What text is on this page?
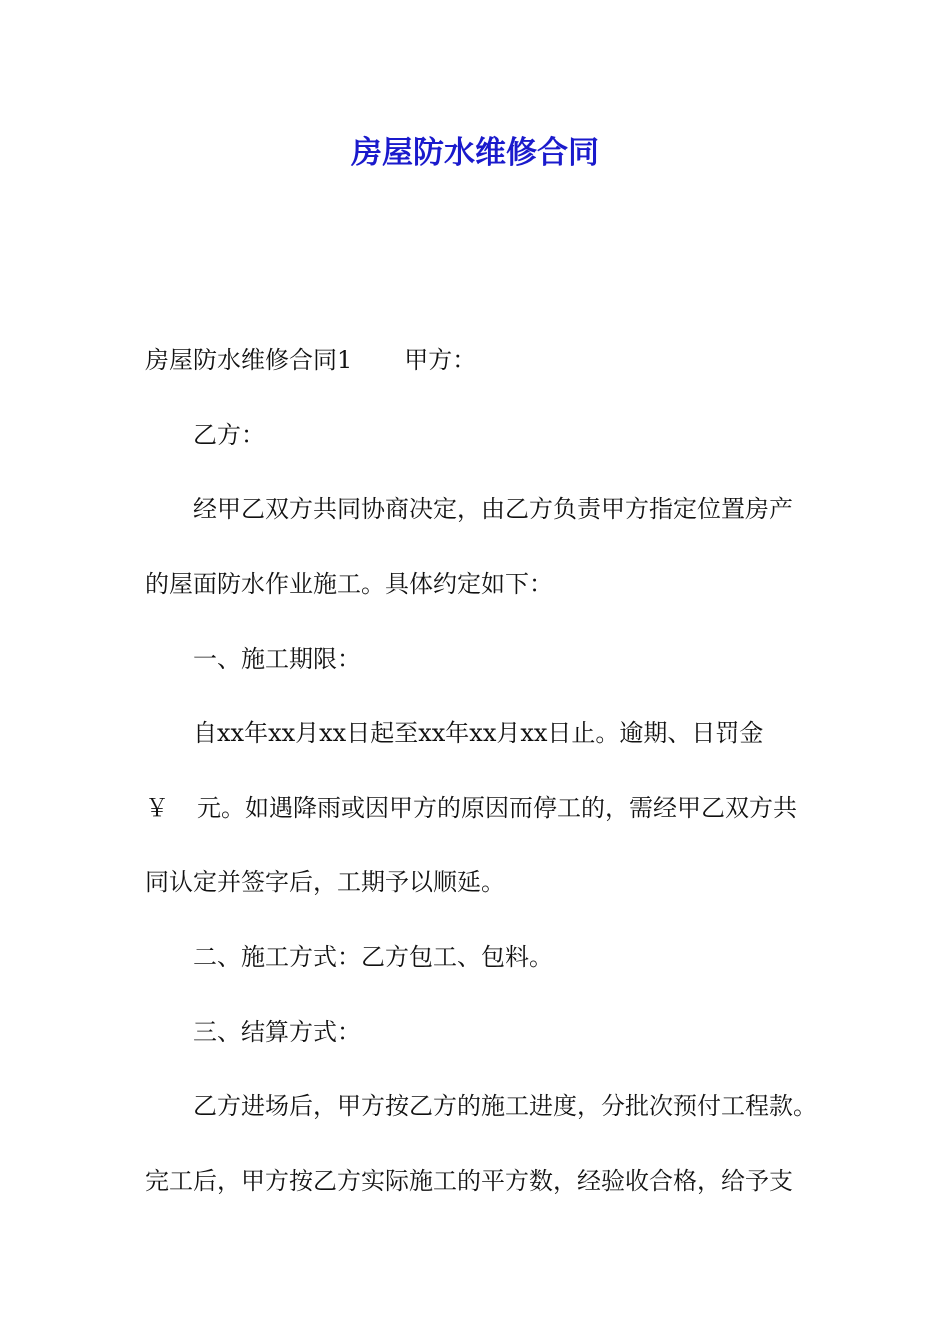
房屋防水维修合同
房屋防水维修合同1 甲方：
乙方：
经甲乙双方共同协商决定，由乙方负责甲方指定位置房产
的屋面防水作业施工。具体约定如下：
一、施工期限：
自xx年xx月xx日起至xx年xx月xx日止。逾期、日罚金
￥ 元。如遇降雨或因甲方的原因而停工的，需经甲乙双方共
同认定并签字后，工期予以顺延。
二、施工方式：乙方包工、包料。
三、结算方式：
乙方进场后，甲方按乙方的施工进度，分批次预付工程款。
完工后，甲方按乙方实际施工的平方数，经验收合格，给予支
